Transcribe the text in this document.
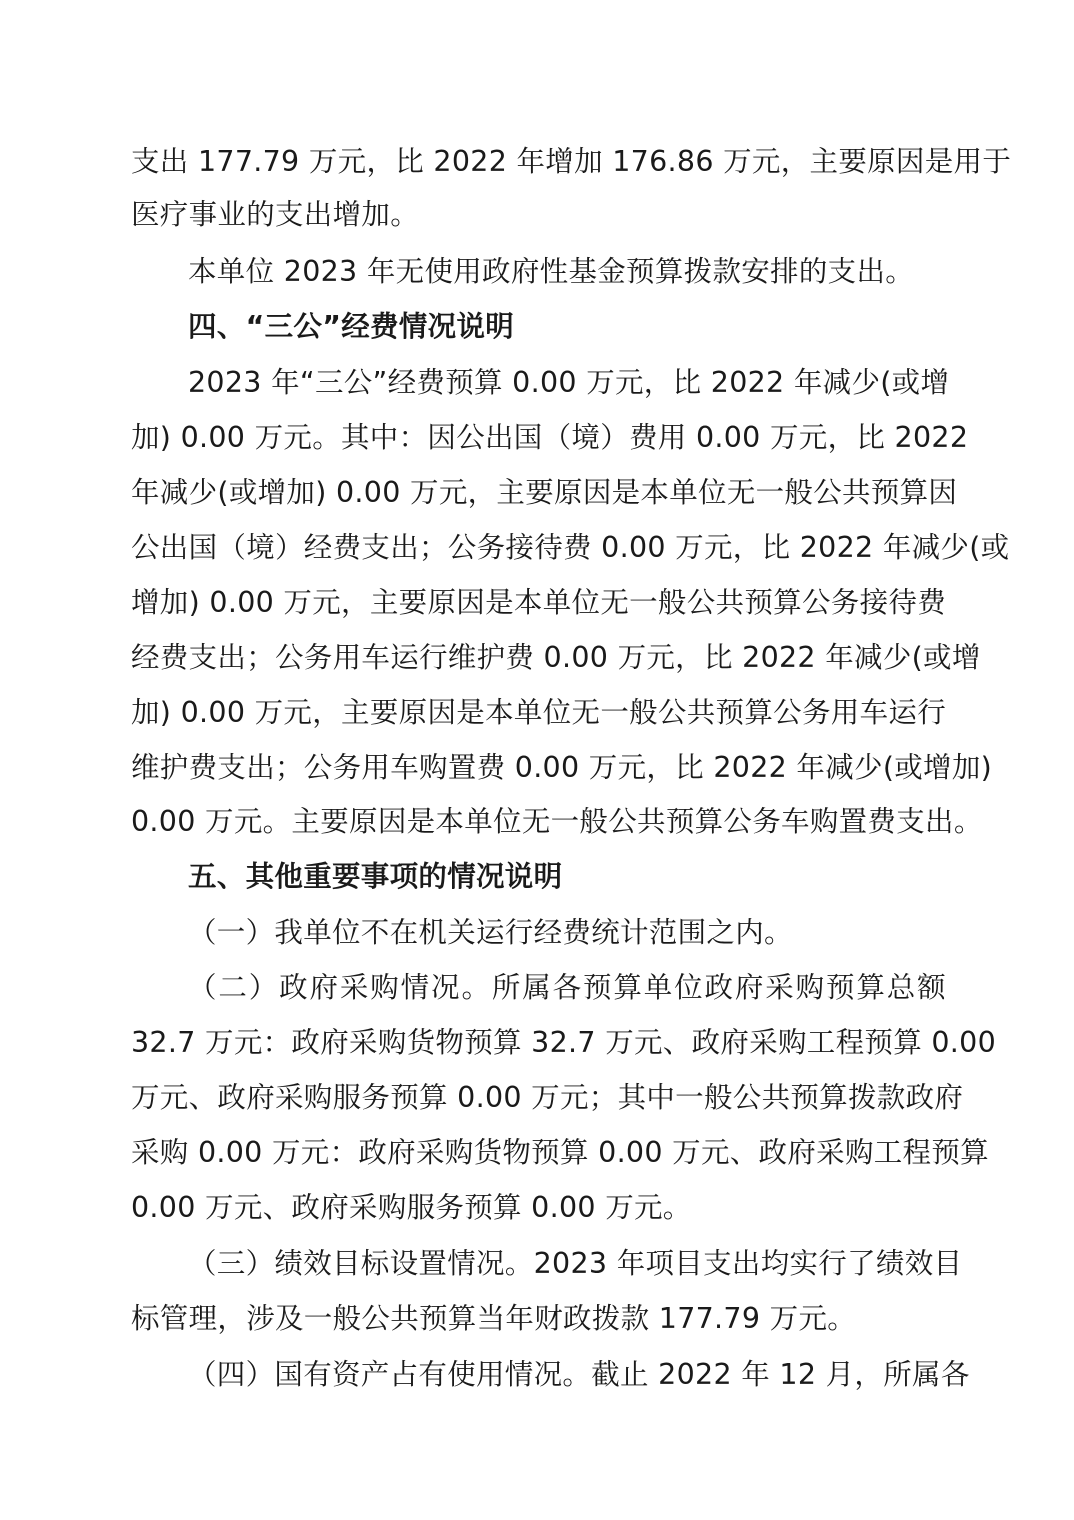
支出 177.79 万元，比 2022 年增加 176.86 万元，主要原因是用于
医疗事业的支出增加。
本单位 2023 年无使用政府性基金预算拨款安排的支出。
四、“三公”经费情况说明
2023 年“三公”经费预算 0.00 万元，比 2022 年减少(或增
加) 0.00 万元。其中：因公出国（境）费用 0.00 万元，比 2022
年减少(或增加) 0.00 万元，主要原因是本单位无一般公共预算因
公出国（境）经费支出；公务接待费 0.00 万元，比 2022 年减少(或
增加) 0.00 万元，主要原因是本单位无一般公共预算公务接待费
经费支出；公务用车运行维护费 0.00 万元，比 2022 年减少(或增
加) 0.00 万元，主要原因是本单位无一般公共预算公务用车运行
维护费支出；公务用车购置费 0.00 万元，比 2022 年减少(或增加)
0.00 万元。主要原因是本单位无一般公共预算公务车购置费支出。
五、其他重要事项的情况说明
（一）我单位不在机关运行经费统计范围之内。
（二）政府采购情况。所属各预算单位政府采购预算总额
32.7 万元：政府采购货物预算 32.7 万元、政府采购工程预算 0.00
万元、政府采购服务预算 0.00 万元；其中一般公共预算拨款政府
采购 0.00 万元：政府采购货物预算 0.00 万元、政府采购工程预算
0.00 万元、政府采购服务预算 0.00 万元。
（三）绩效目标设置情况。2023 年项目支出均实行了绩效目
标管理，涉及一般公共预算当年财政拨款 177.79 万元。
（四）国有资产占有使用情况。截止 2022 年 12 月，所属各
